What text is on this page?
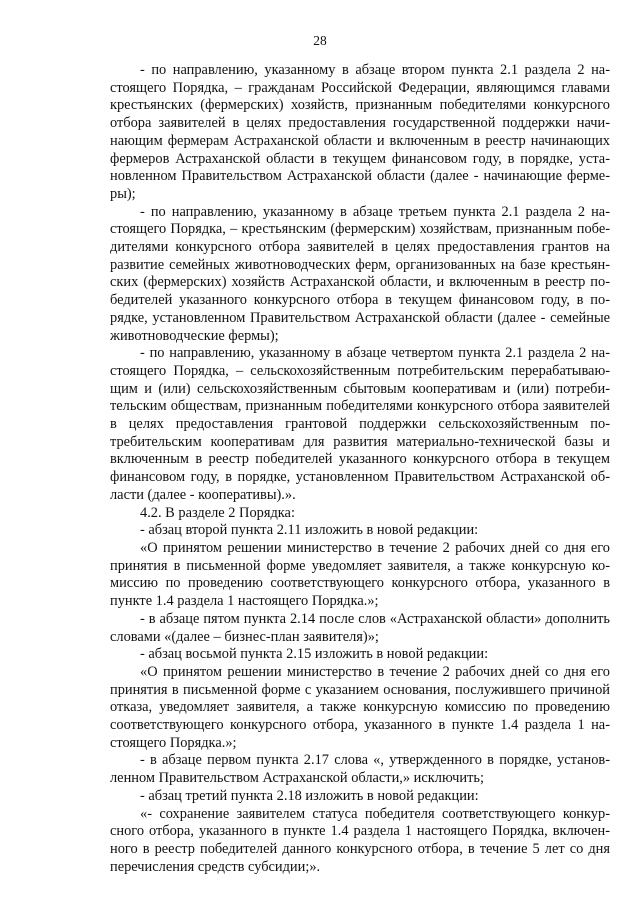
28

- по направлению, указанному в абзаце втором пункта 2.1 раздела 2 настоящего Порядка, – гражданам Российской Федерации, являющимся главами крестьянских (фермерских) хозяйств, признанным победителями конкурсного отбора заявителей в целях предоставления государственной поддержки начинающим фермерам Астраханской области и включенным в реестр начинающих фермеров Астраханской области в текущем финансовом году, в порядке, установленном Правительством Астраханской области (далее - начинающие фермеры);

- по направлению, указанному в абзаце третьем пункта 2.1 раздела 2 настоящего Порядка, – крестьянским (фермерским) хозяйствам, признанным победителями конкурсного отбора заявителей в целях предоставления грантов на развитие семейных животноводческих ферм, организованных на базе крестьянских (фермерских) хозяйств Астраханской области, и включенным в реестр победителей указанного конкурсного отбора в текущем финансовом году, в порядке, установленном Правительством Астраханской области (далее - семейные животноводческие фермы);

- по направлению, указанному в абзаце четвертом пункта 2.1 раздела 2 настоящего Порядка, – сельскохозяйственным потребительским перерабатывающим и (или) сельскохозяйственным сбытовым кооперативам и (или) потребительским обществам, признанным победителями конкурсного отбора заявителей в целях предоставления грантовой поддержки сельскохозяйственным потребительским кооперативам для развития материально-технической базы и включенным в реестр победителей указанного конкурсного отбора в текущем финансовом году, в порядке, установленном Правительством Астраханской области (далее - кооперативы).».

4.2. В разделе 2 Порядка:

- абзац второй пункта 2.11 изложить в новой редакции:

«О принятом решении министерство в течение 2 рабочих дней со дня его принятия в письменной форме уведомляет заявителя, а также конкурсную комиссию по проведению соответствующего конкурсного отбора, указанного в пункте 1.4 раздела 1 настоящего Порядка.»;

- в абзаце пятом пункта 2.14 после слов «Астраханской области» дополнить словами «(далее – бизнес-план заявителя)»;

- абзац восьмой пункта 2.15 изложить в новой редакции:

«О принятом решении министерство в течение 2 рабочих дней со дня его принятия в письменной форме с указанием основания, послужившего причиной отказа, уведомляет заявителя, а также конкурсную комиссию по проведению соответствующего конкурсного отбора, указанного в пункте 1.4 раздела 1 настоящего Порядка.»;

- в абзаце первом пункта 2.17 слова «, утвержденного в порядке, установленном Правительством Астраханской области,» исключить;

- абзац третий пункта 2.18 изложить в новой редакции:

«- сохранение заявителем статуса победителя соответствующего конкурсного отбора, указанного в пункте 1.4 раздела 1 настоящего Порядка, включенного в реестр победителей данного конкурсного отбора, в течение 5 лет со дня перечисления средств субсидии;».
